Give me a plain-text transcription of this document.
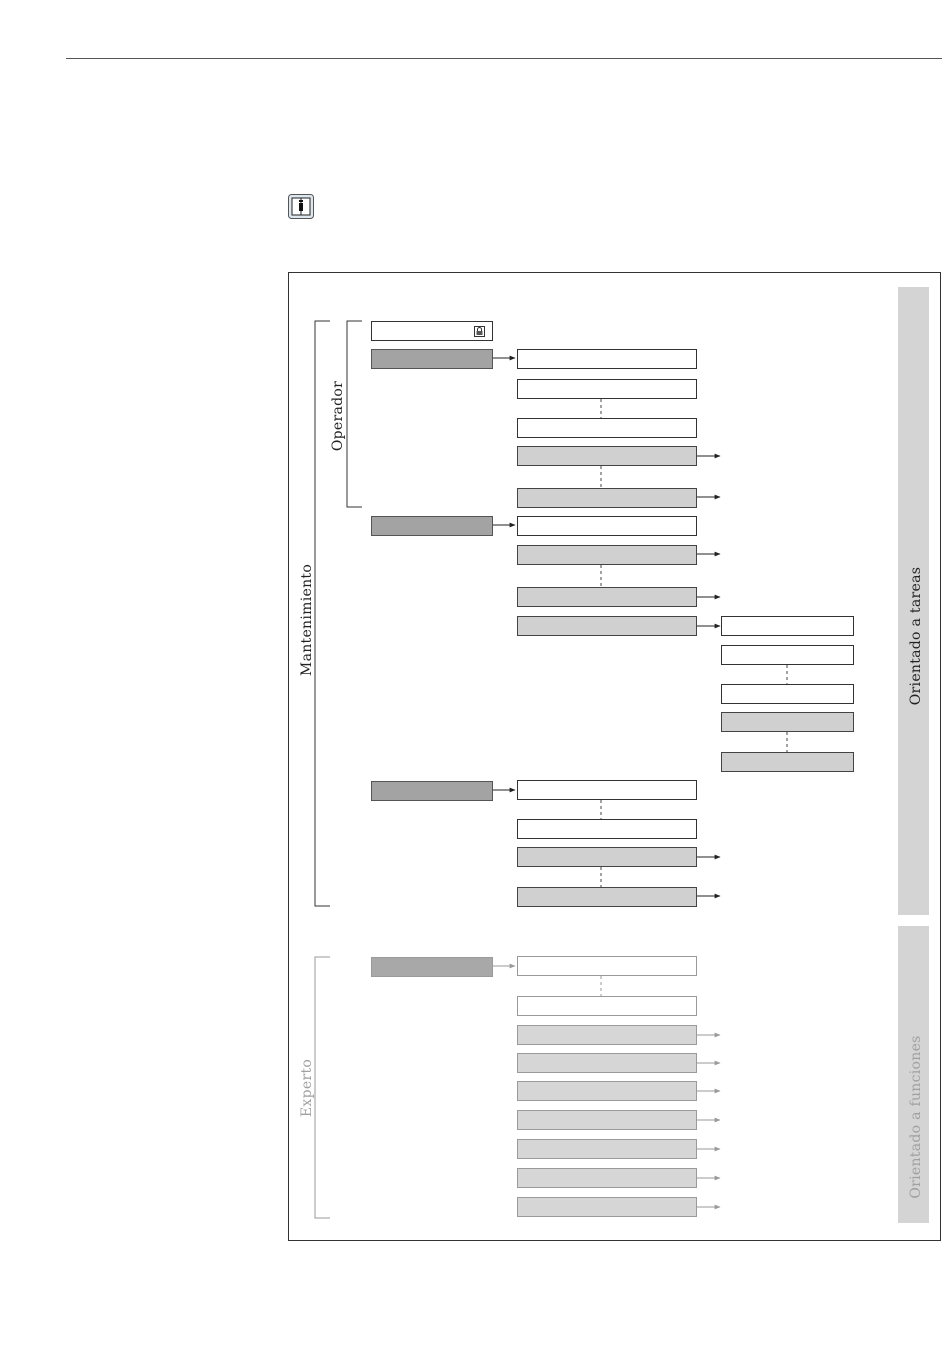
Orientado a tareas
Orientado a funciones
Mantenimiento
Operador
Experto
